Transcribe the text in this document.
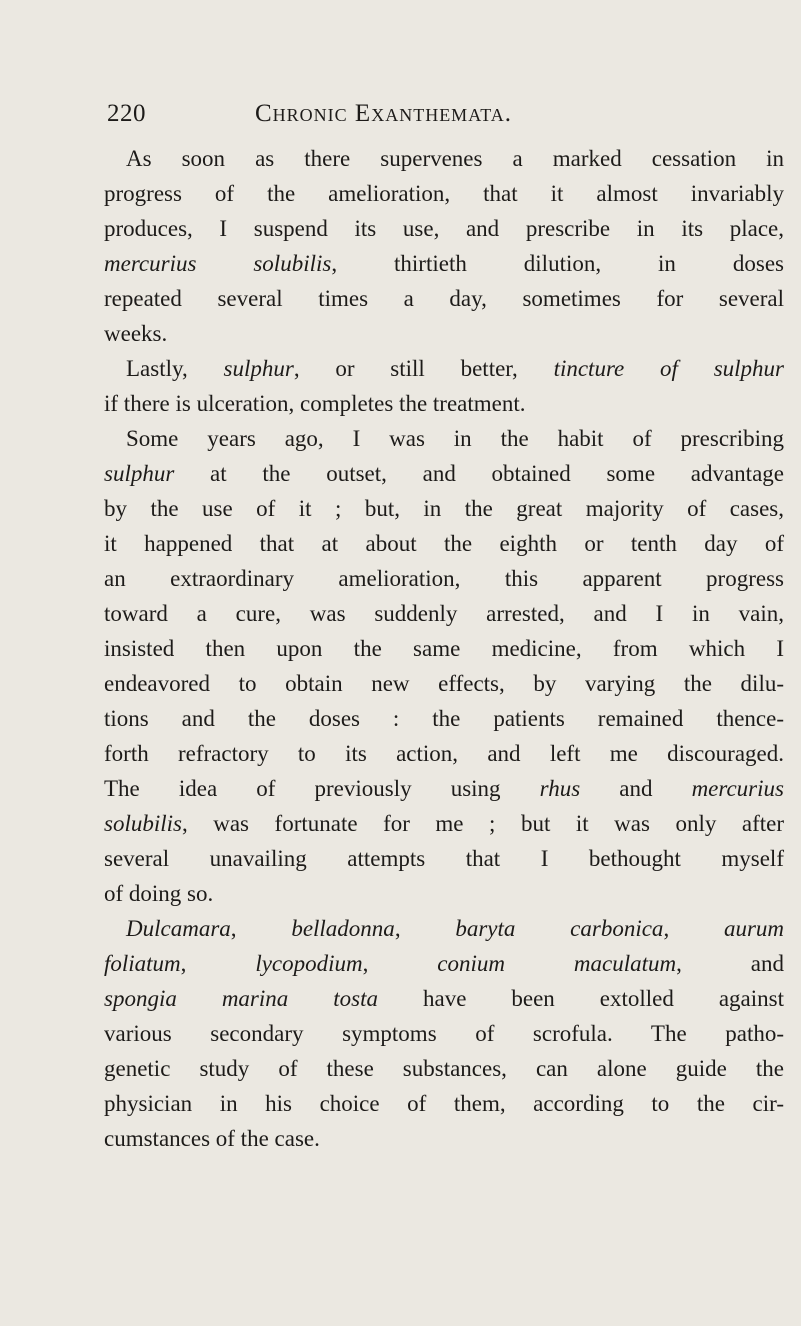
220	Chronic Exanthemata.
As soon as there supervenes a marked cessation in
progress of the amelioration, that it almost invariably
produces, I suspend its use, and prescribe in its place,
mercurius solubilis, thirtieth dilution, in doses
repeated several times a day, sometimes for several
weeks.
Lastly, sulphur, or still better, tincture of sulphur
if there is ulceration, completes the treatment.
Some years ago, I was in the habit of prescribing
sulphur at the outset, and obtained some advantage
by the use of it ; but, in the great majority of cases,
it happened that at about the eighth or tenth day of
an extraordinary amelioration, this apparent progress
toward a cure, was suddenly arrested, and I in vain,
insisted then upon the same medicine, from which I
endeavored to obtain new effects, by varying the dilu-
tions and the doses : the patients remained thence-
forth refractory to its action, and left me discouraged.
The idea of previously using rhus and mercurius
solubilis, was fortunate for me ; but it was only after
several unavailing attempts that I bethought myself
of doing so.
Dulcamara, belladonna, baryta carbonica, aurum
foliatum, lycopodium, conium maculatum, and
spongia marina tosta have been extolled against
various secondary symptoms of scrofula. The patho-
genetic study of these substances, can alone guide the
physician in his choice of them, according to the cir-
cumstances of the case.
